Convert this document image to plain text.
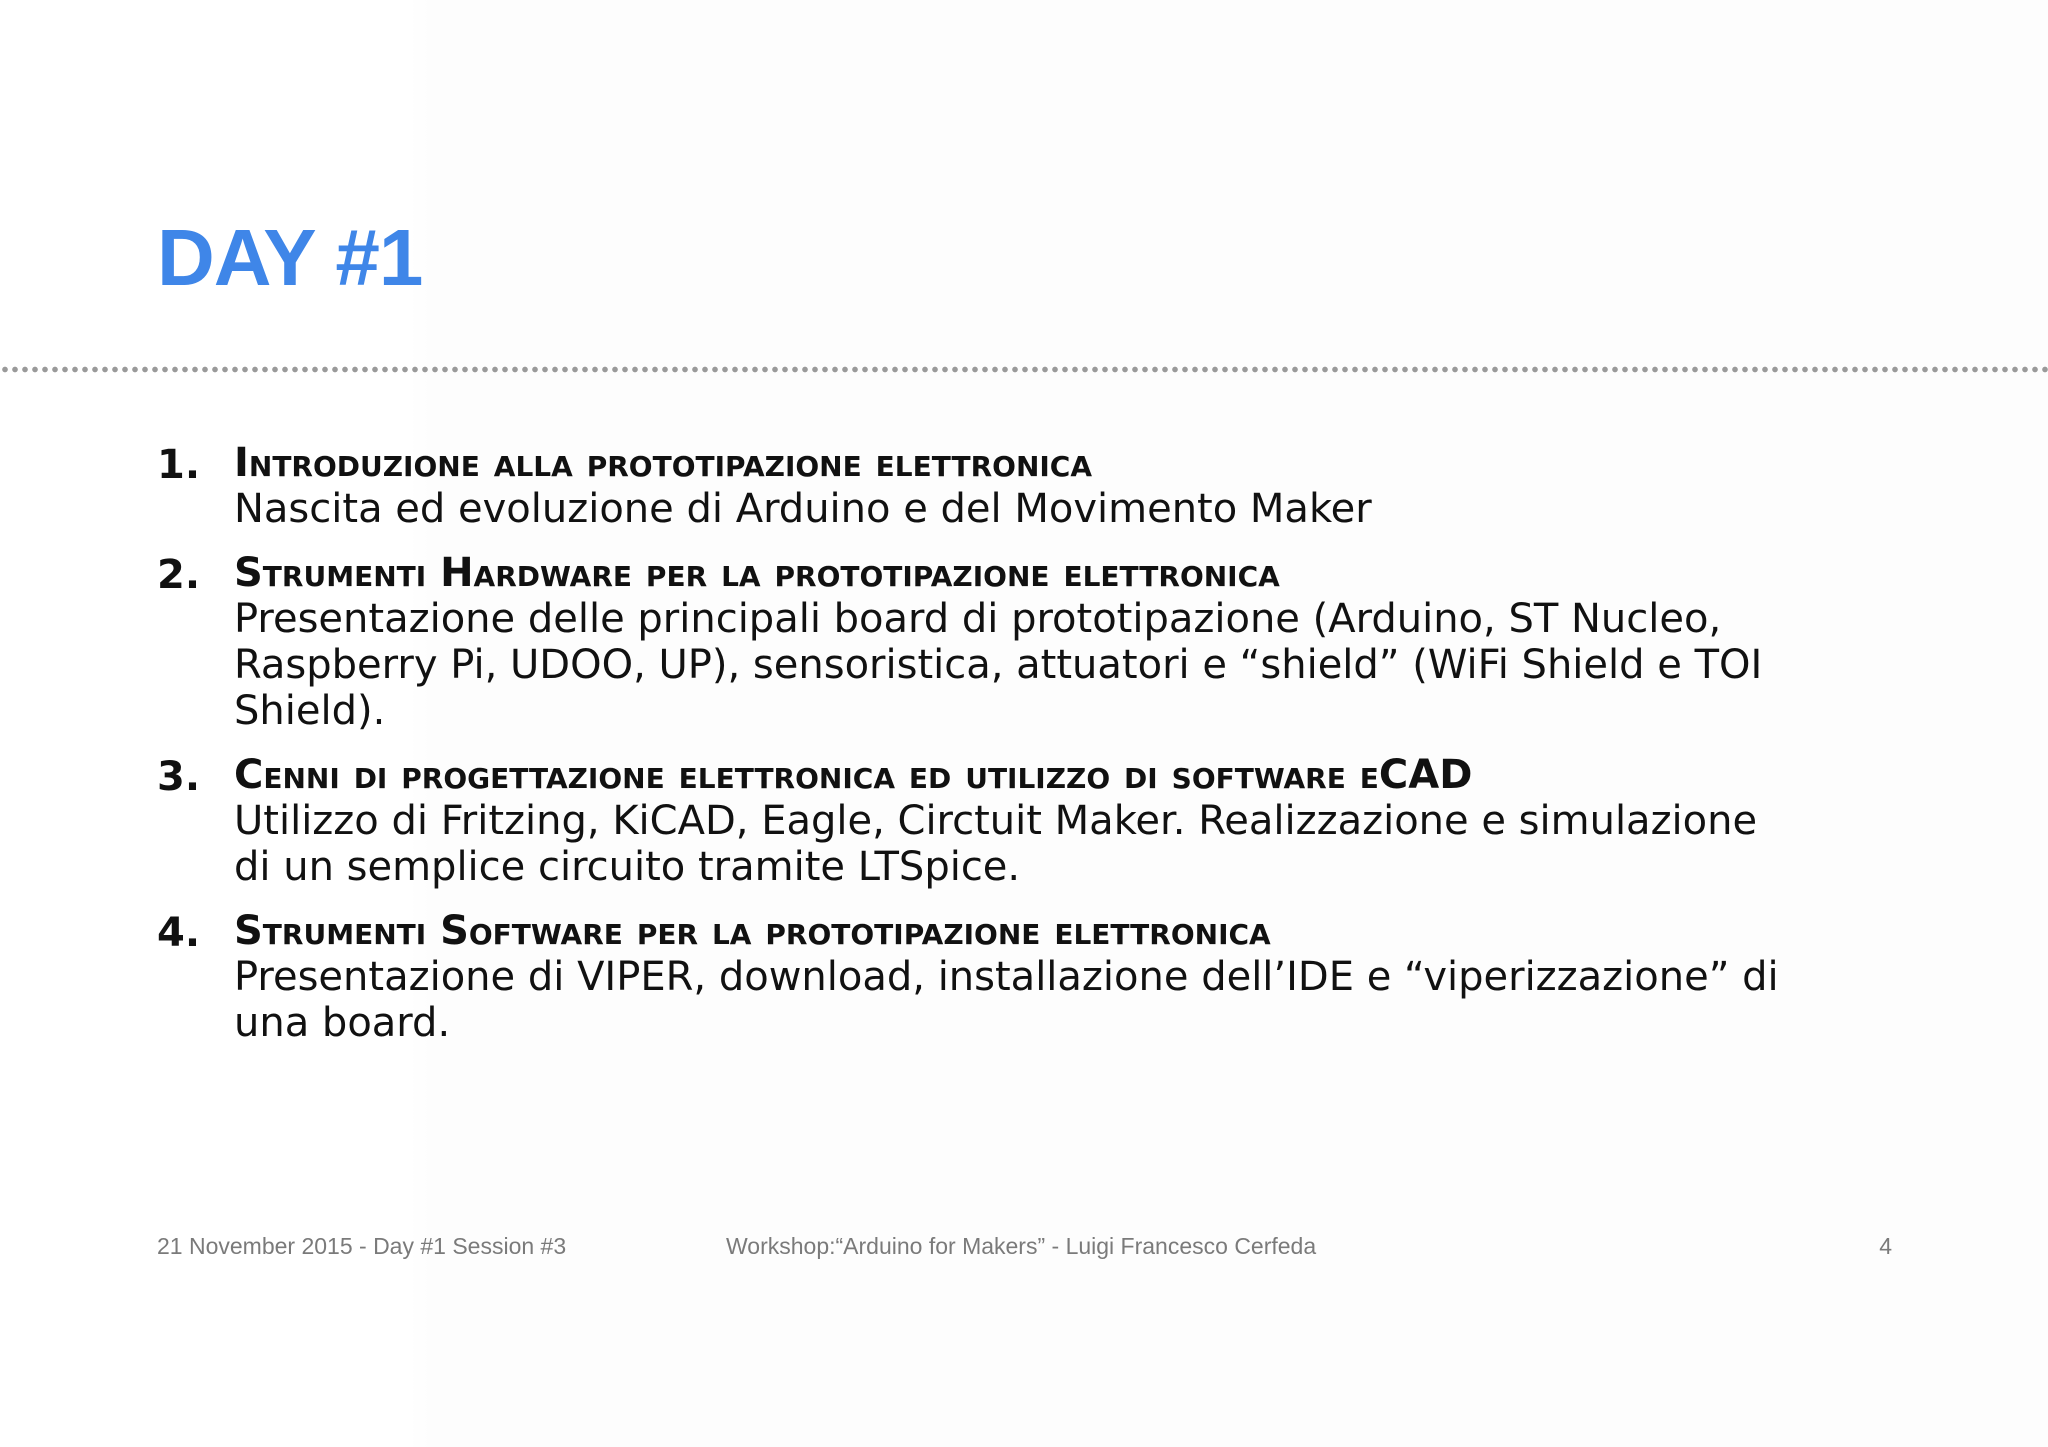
DAY #1
1. Introduzione alla prototipazione elettronica
Nascita ed evoluzione di Arduino e del Movimento Maker
2. Strumenti Hardware per la prototipazione elettronica
Presentazione delle principali board di prototipazione (Arduino, ST Nucleo,
Raspberry Pi, UDOO, UP), sensoristica, attuatori e “shield” (WiFi Shield e TOI
Shield).
3. Cenni di progettazione elettronica ed utilizzo di software eCAD
Utilizzo di Fritzing, KiCAD, Eagle, Circtuit Maker. Realizzazione e simulazione
di un semplice circuito tramite LTSpice.
4. Strumenti Software per la prototipazione elettronica
Presentazione di VIPER, download, installazione dell’IDE e “viperizzazione” di
una board.
21 November 2015 - Day #1 Session #3	Workshop:“Arduino for Makers” - Luigi Francesco Cerfeda	4
